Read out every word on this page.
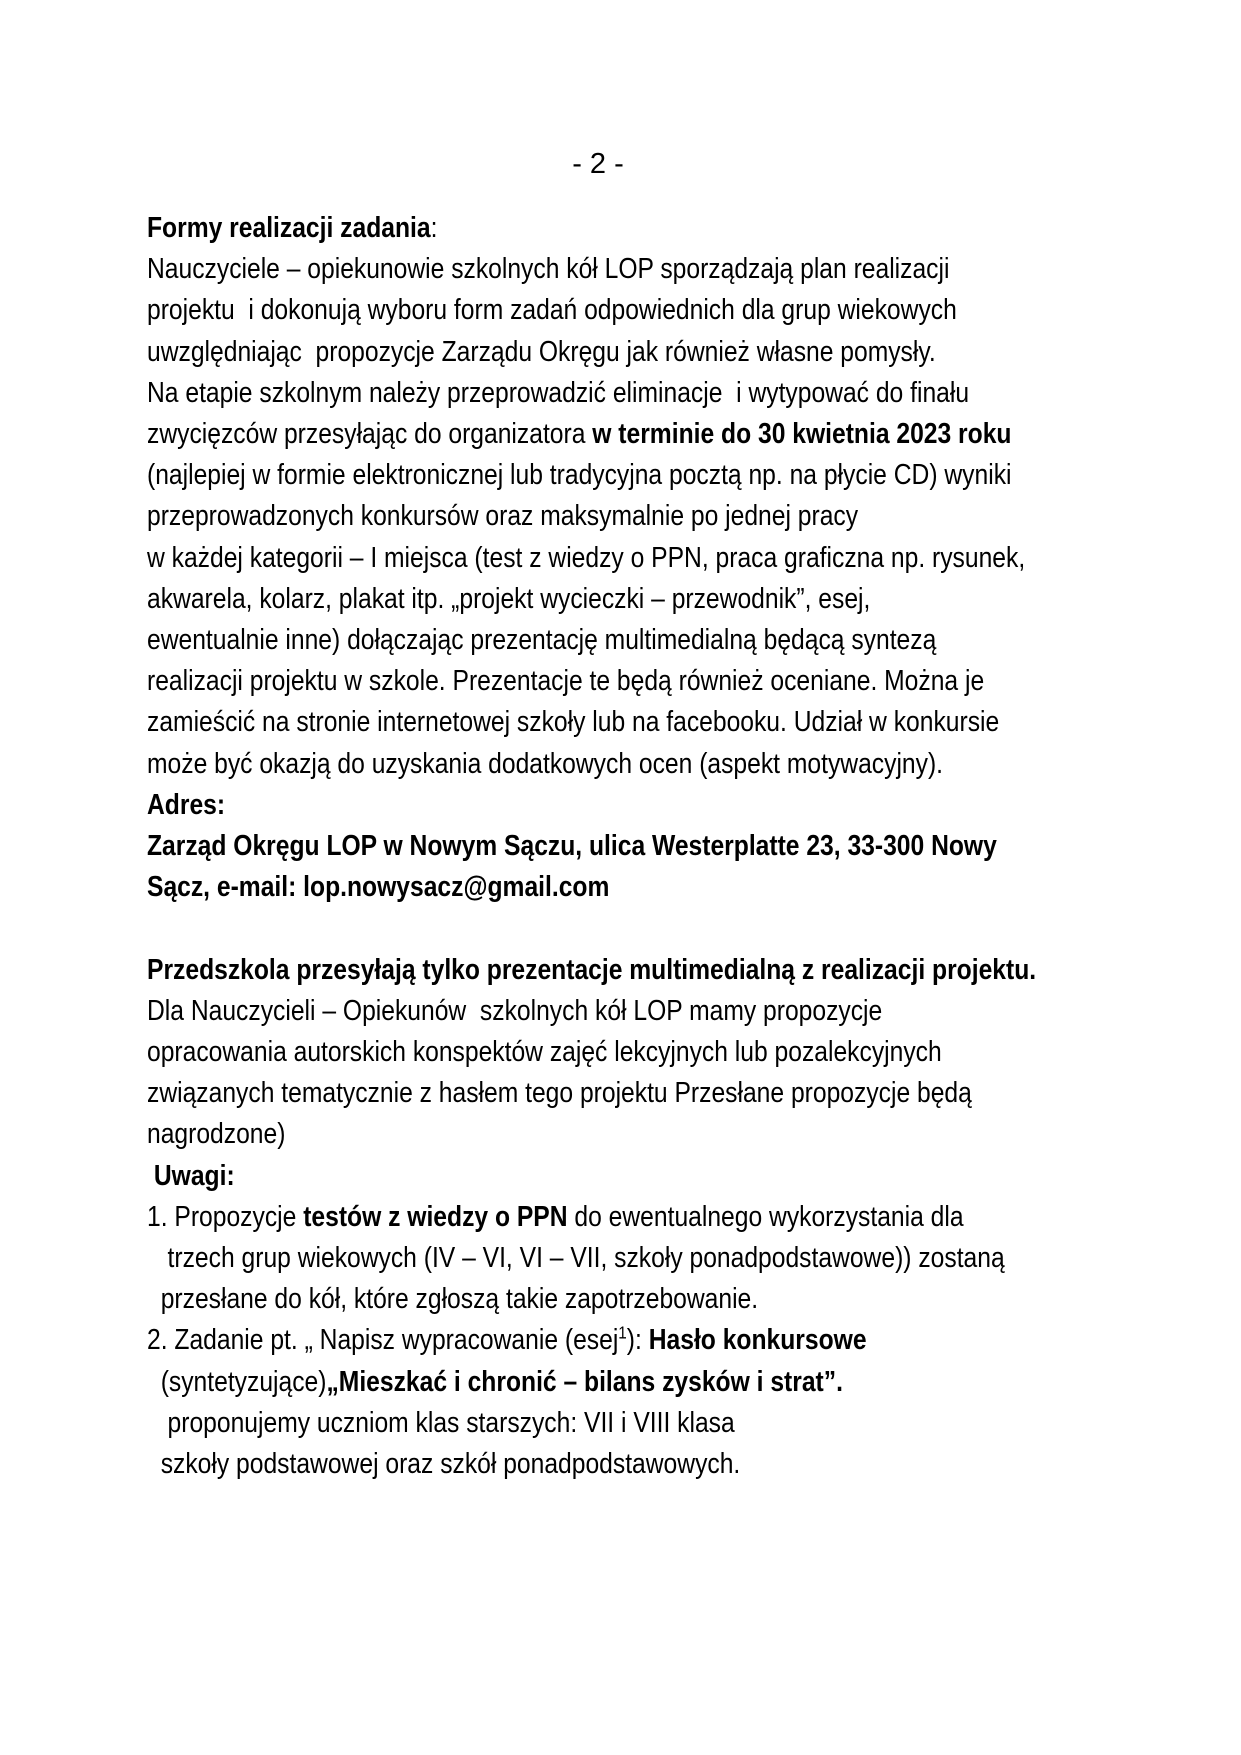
- 2 -
Formy realizacji zadania:
Nauczyciele – opiekunowie szkolnych kół LOP sporządzają plan realizacji
projektu  i dokonują wyboru form zadań odpowiednich dla grup wiekowych
uwzględniając  propozycje Zarządu Okręgu jak również własne pomysły.
Na etapie szkolnym należy przeprowadzić eliminacje  i wytypować do finału
zwycięzców przesyłając do organizatora w terminie do 30 kwietnia 2023 roku
(najlepiej w formie elektronicznej lub tradycyjna pocztą np. na płycie CD) wyniki
przeprowadzonych konkursów oraz maksymalnie po jednej pracy
w każdej kategorii – I miejsca (test z wiedzy o PPN, praca graficzna np. rysunek,
akwarela, kolarz, plakat itp. „projekt wycieczki – przewodnik”, esej,
ewentualnie inne) dołączając prezentację multimedialną będącą syntezą
realizacji projektu w szkole. Prezentacje te będą również oceniane. Można je
zamieścić na stronie internetowej szkoły lub na facebooku. Udział w konkursie
może być okazją do uzyskania dodatkowych ocen (aspekt motywacyjny).
Adres:
Zarząd Okręgu LOP w Nowym Sączu, ulica Westerplatte 23, 33-300 Nowy
Sącz, e-mail: lop.nowysacz@gmail.com
Przedszkola przesyłają tylko prezentacje multimedialną z realizacji projektu.
Dla Nauczycieli – Opiekunów  szkolnych kół LOP mamy propozycje
opracowania autorskich konspektów zajęć lekcyjnych lub pozalekcyjnych
związanych tematycznie z hasłem tego projektu Przesłane propozycje będą
nagrodzone)
Uwagi:
1. Propozycje testów z wiedzy o PPN do ewentualnego wykorzystania dla
trzech grup wiekowych (IV – VI, VI – VII, szkoły ponadpodstawowe)) zostaną
przesłane do kół, które zgłoszą takie zapotrzebowanie.
2. Zadanie pt. „ Napisz wypracowanie (esej$^1$): Hasło konkursowe
(syntetyzujące)„Mieszkać i chronić – bilans zysków i strat”.
proponujemy uczniom klas starszych: VII i VIII klasa
szkoły podstawowej oraz szkół ponadpodstawowych.
